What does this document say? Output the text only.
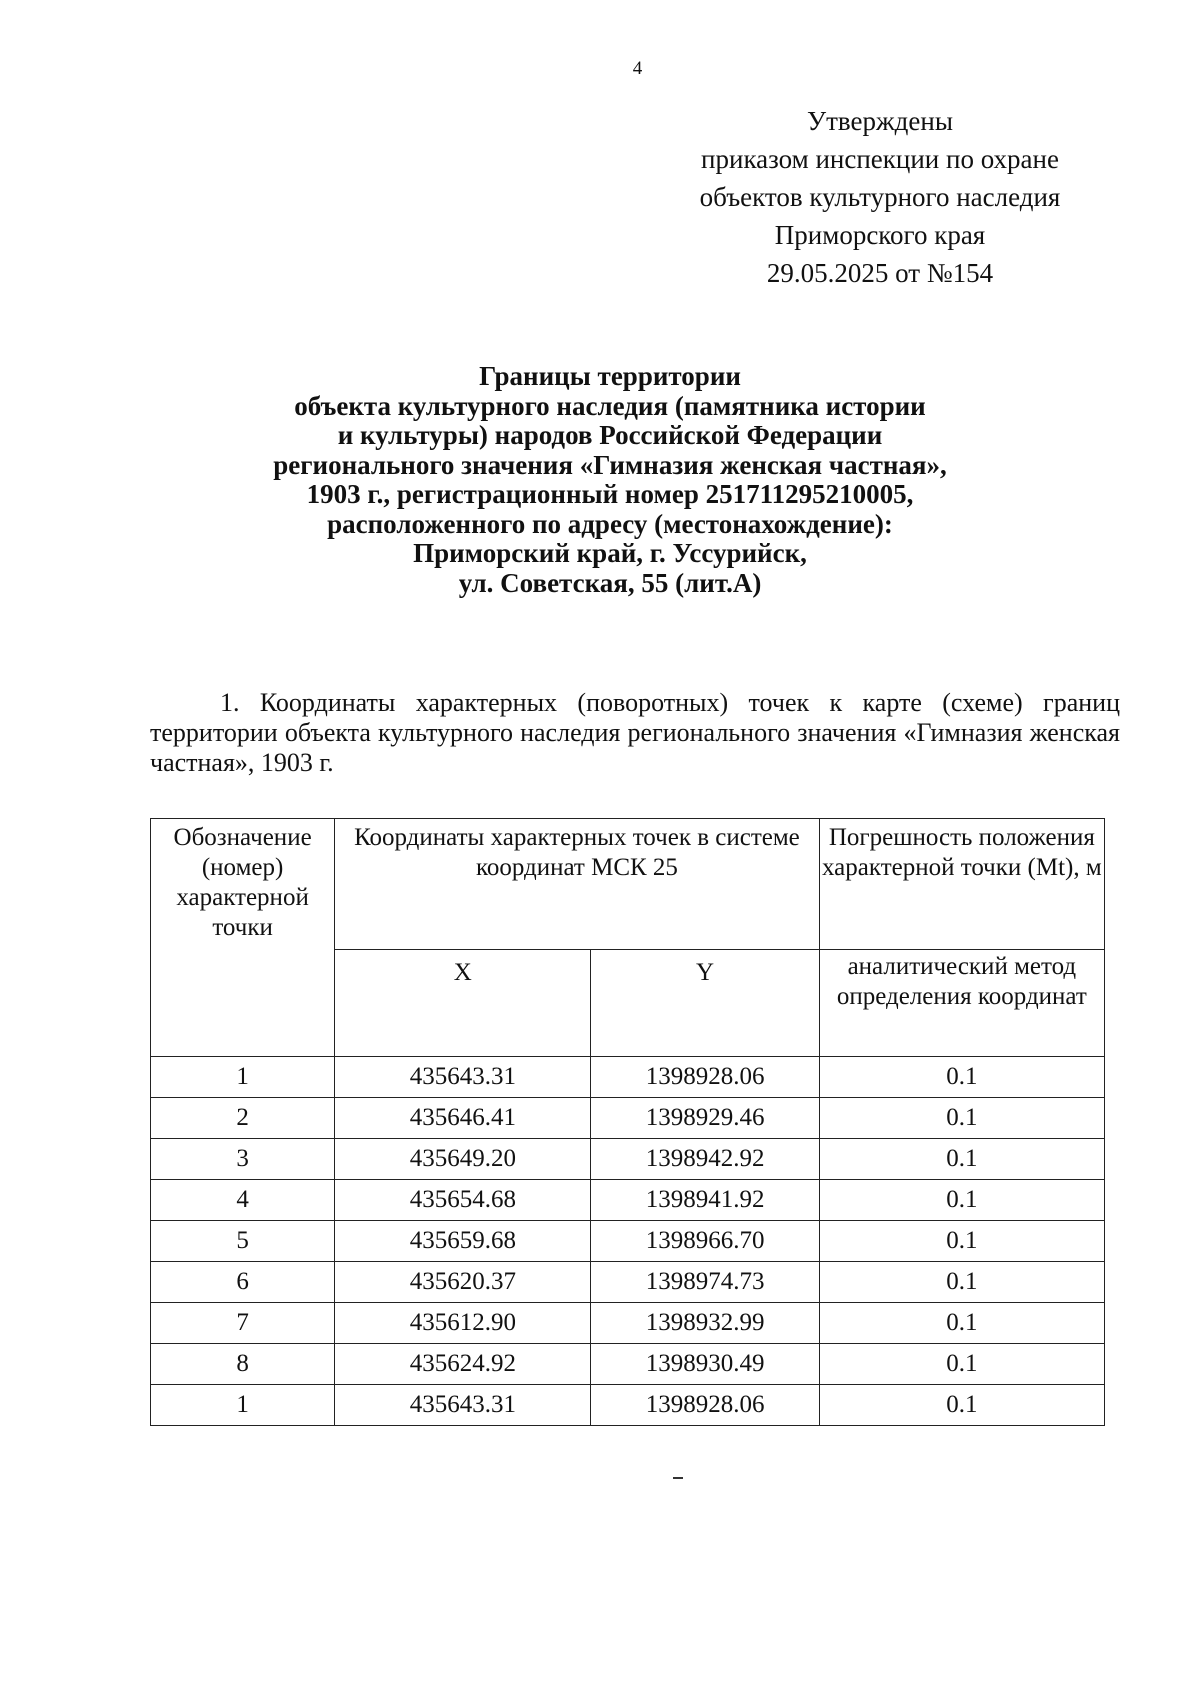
4
Утверждены
приказом инспекции по охране
объектов культурного наследия
Приморского края
29.05.2025 от №154
Границы территории
объекта культурного наследия (памятника истории
и культуры) народов Российской Федерации
регионального значения «Гимназия женская частная»,
1903 г., регистрационный номер 251711295210005,
расположенного по адресу (местонахождение):
Приморский край, г. Уссурийск,
ул. Советская, 55 (лит.А)
1. Координаты характерных (поворотных) точек к карте (схеме) границ территории объекта культурного наследия регионального значения «Гимназия женская частная», 1903 г.
Обозначение (номер) характерной точки	Координаты характерных точек в системе координат МСК 25		Погрешность положения характерной точки (Mt), м
	X	Y	аналитический метод определения координат
1	435643.31	1398928.06	0.1
2	435646.41	1398929.46	0.1
3	435649.20	1398942.92	0.1
4	435654.68	1398941.92	0.1
5	435659.68	1398966.70	0.1
6	435620.37	1398974.73	0.1
7	435612.90	1398932.99	0.1
8	435624.92	1398930.49	0.1
1	435643.31	1398928.06	0.1
